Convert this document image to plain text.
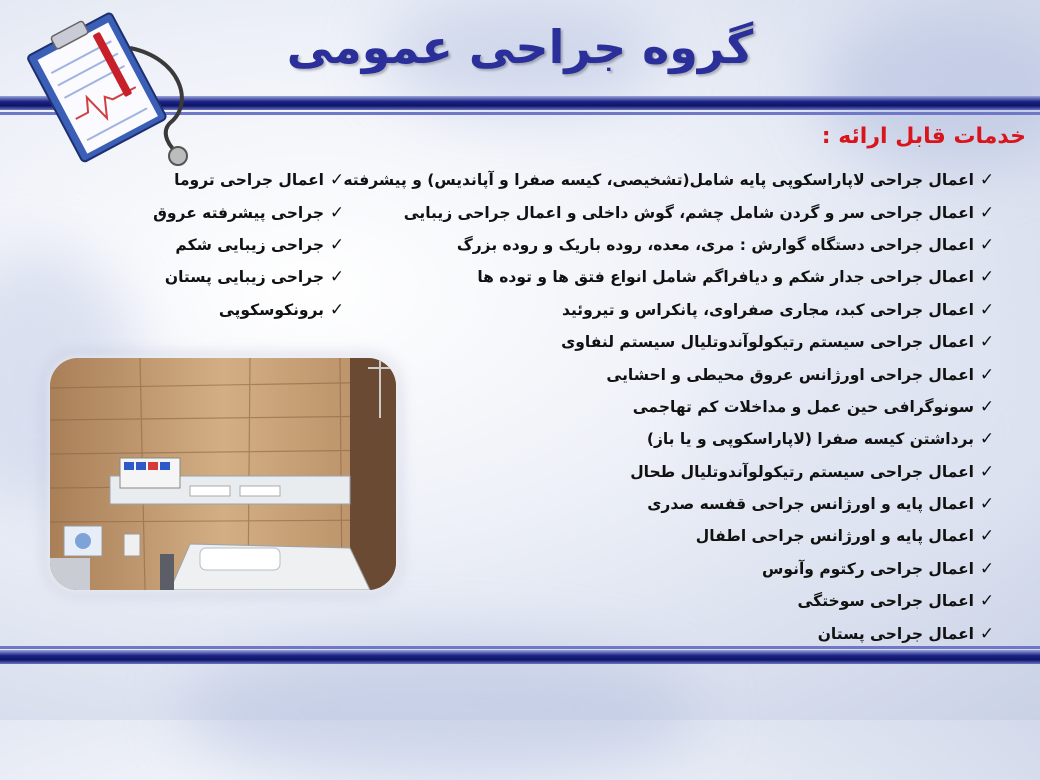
گروه جراحی عمومی
خدمات قابل ارائه :
✓
اعمال جراحی لاپاراسکوپی پایه شامل(تشخیصی، کیسه صفرا و آپاندیس) و پیشرفته
✓
اعمال جراحی سر و گردن شامل چشم، گوش داخلی و اعمال جراحی زیبایی
✓
اعمال جراحی دستگاه گوارش : مری، معده، روده باریک و روده بزرگ
✓
اعمال جراحی جدار شکم و دیافراگم شامل انواع فتق ها و توده ها
✓
اعمال جراحی کبد، مجاری صفراوی، پانکراس و تیروئید
✓
اعمال جراحی سیستم رتیکولوآندوتلیال سیستم لنفاوی
✓
اعمال جراحی اورژانس عروق محیطی و احشایی
✓
سونوگرافی حین عمل و مداخلات کم تهاجمی
✓
برداشتن کیسه صفرا (لاپاراسکوپی و یا باز)
✓
اعمال جراحی سیستم رتیکولوآندوتلیال طحال
✓
اعمال پایه و اورژانس جراحی قفسه صدری
✓
اعمال پایه و اورژانس جراحی اطفال
✓
اعمال جراحی رکتوم وآنوس
✓
اعمال جراحی سوختگی
✓
اعمال جراحی پستان
✓
اعمال جراحی تروما
✓
جراحی پیشرفته عروق
✓
جراحی زیبایی شکم
✓
جراحی زیبایی پستان
✓
برونکوسکوپی
